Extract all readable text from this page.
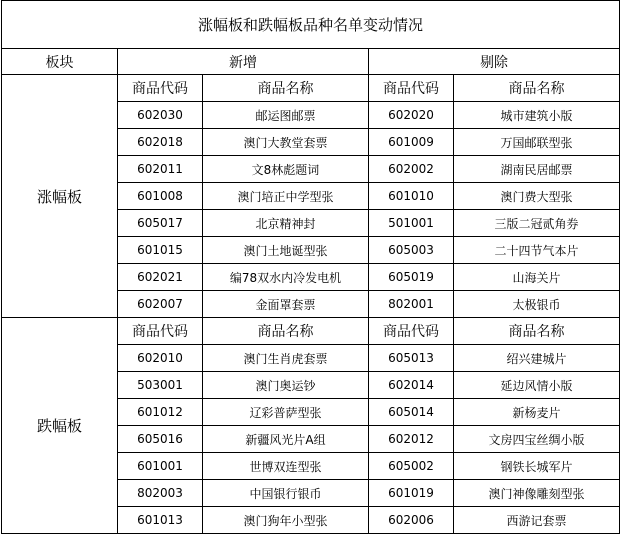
涨幅板和跌幅板品种名单变动情况				
板块	新增		剔除	
涨幅板	商品代码	商品名称	商品代码	商品名称
	602030	邮运图邮票	602020	城市建筑小版
	602018	澳门大教堂套票	601009	万国邮联型张
	602011	文8林彪题词	602002	湖南民居邮票
	601008	澳门培正中学型张	601010	澳门费大型张
	605017	北京精神封	501001	三版二冠贰角券
	601015	澳门土地诞型张	605003	二十四节气本片
	602021	编78双水内冷发电机	605019	山海关片
	602007	金面罩套票	802001	太极银币
跌幅板	商品代码	商品名称	商品代码	商品名称
	602010	澳门生肖虎套票	605013	绍兴建城片
	503001	澳门奥运钞	602014	延边风情小版
	601012	辽彩普萨型张	605014	新杨麦片
	605016	新疆风光片A组	602012	文房四宝丝绸小版
	601001	世博双连型张	605002	钢铁长城军片
	802003	中国银行银币	601019	澳门神像雕刻型张
	601013	澳门狗年小型张	602006	西游记套票
